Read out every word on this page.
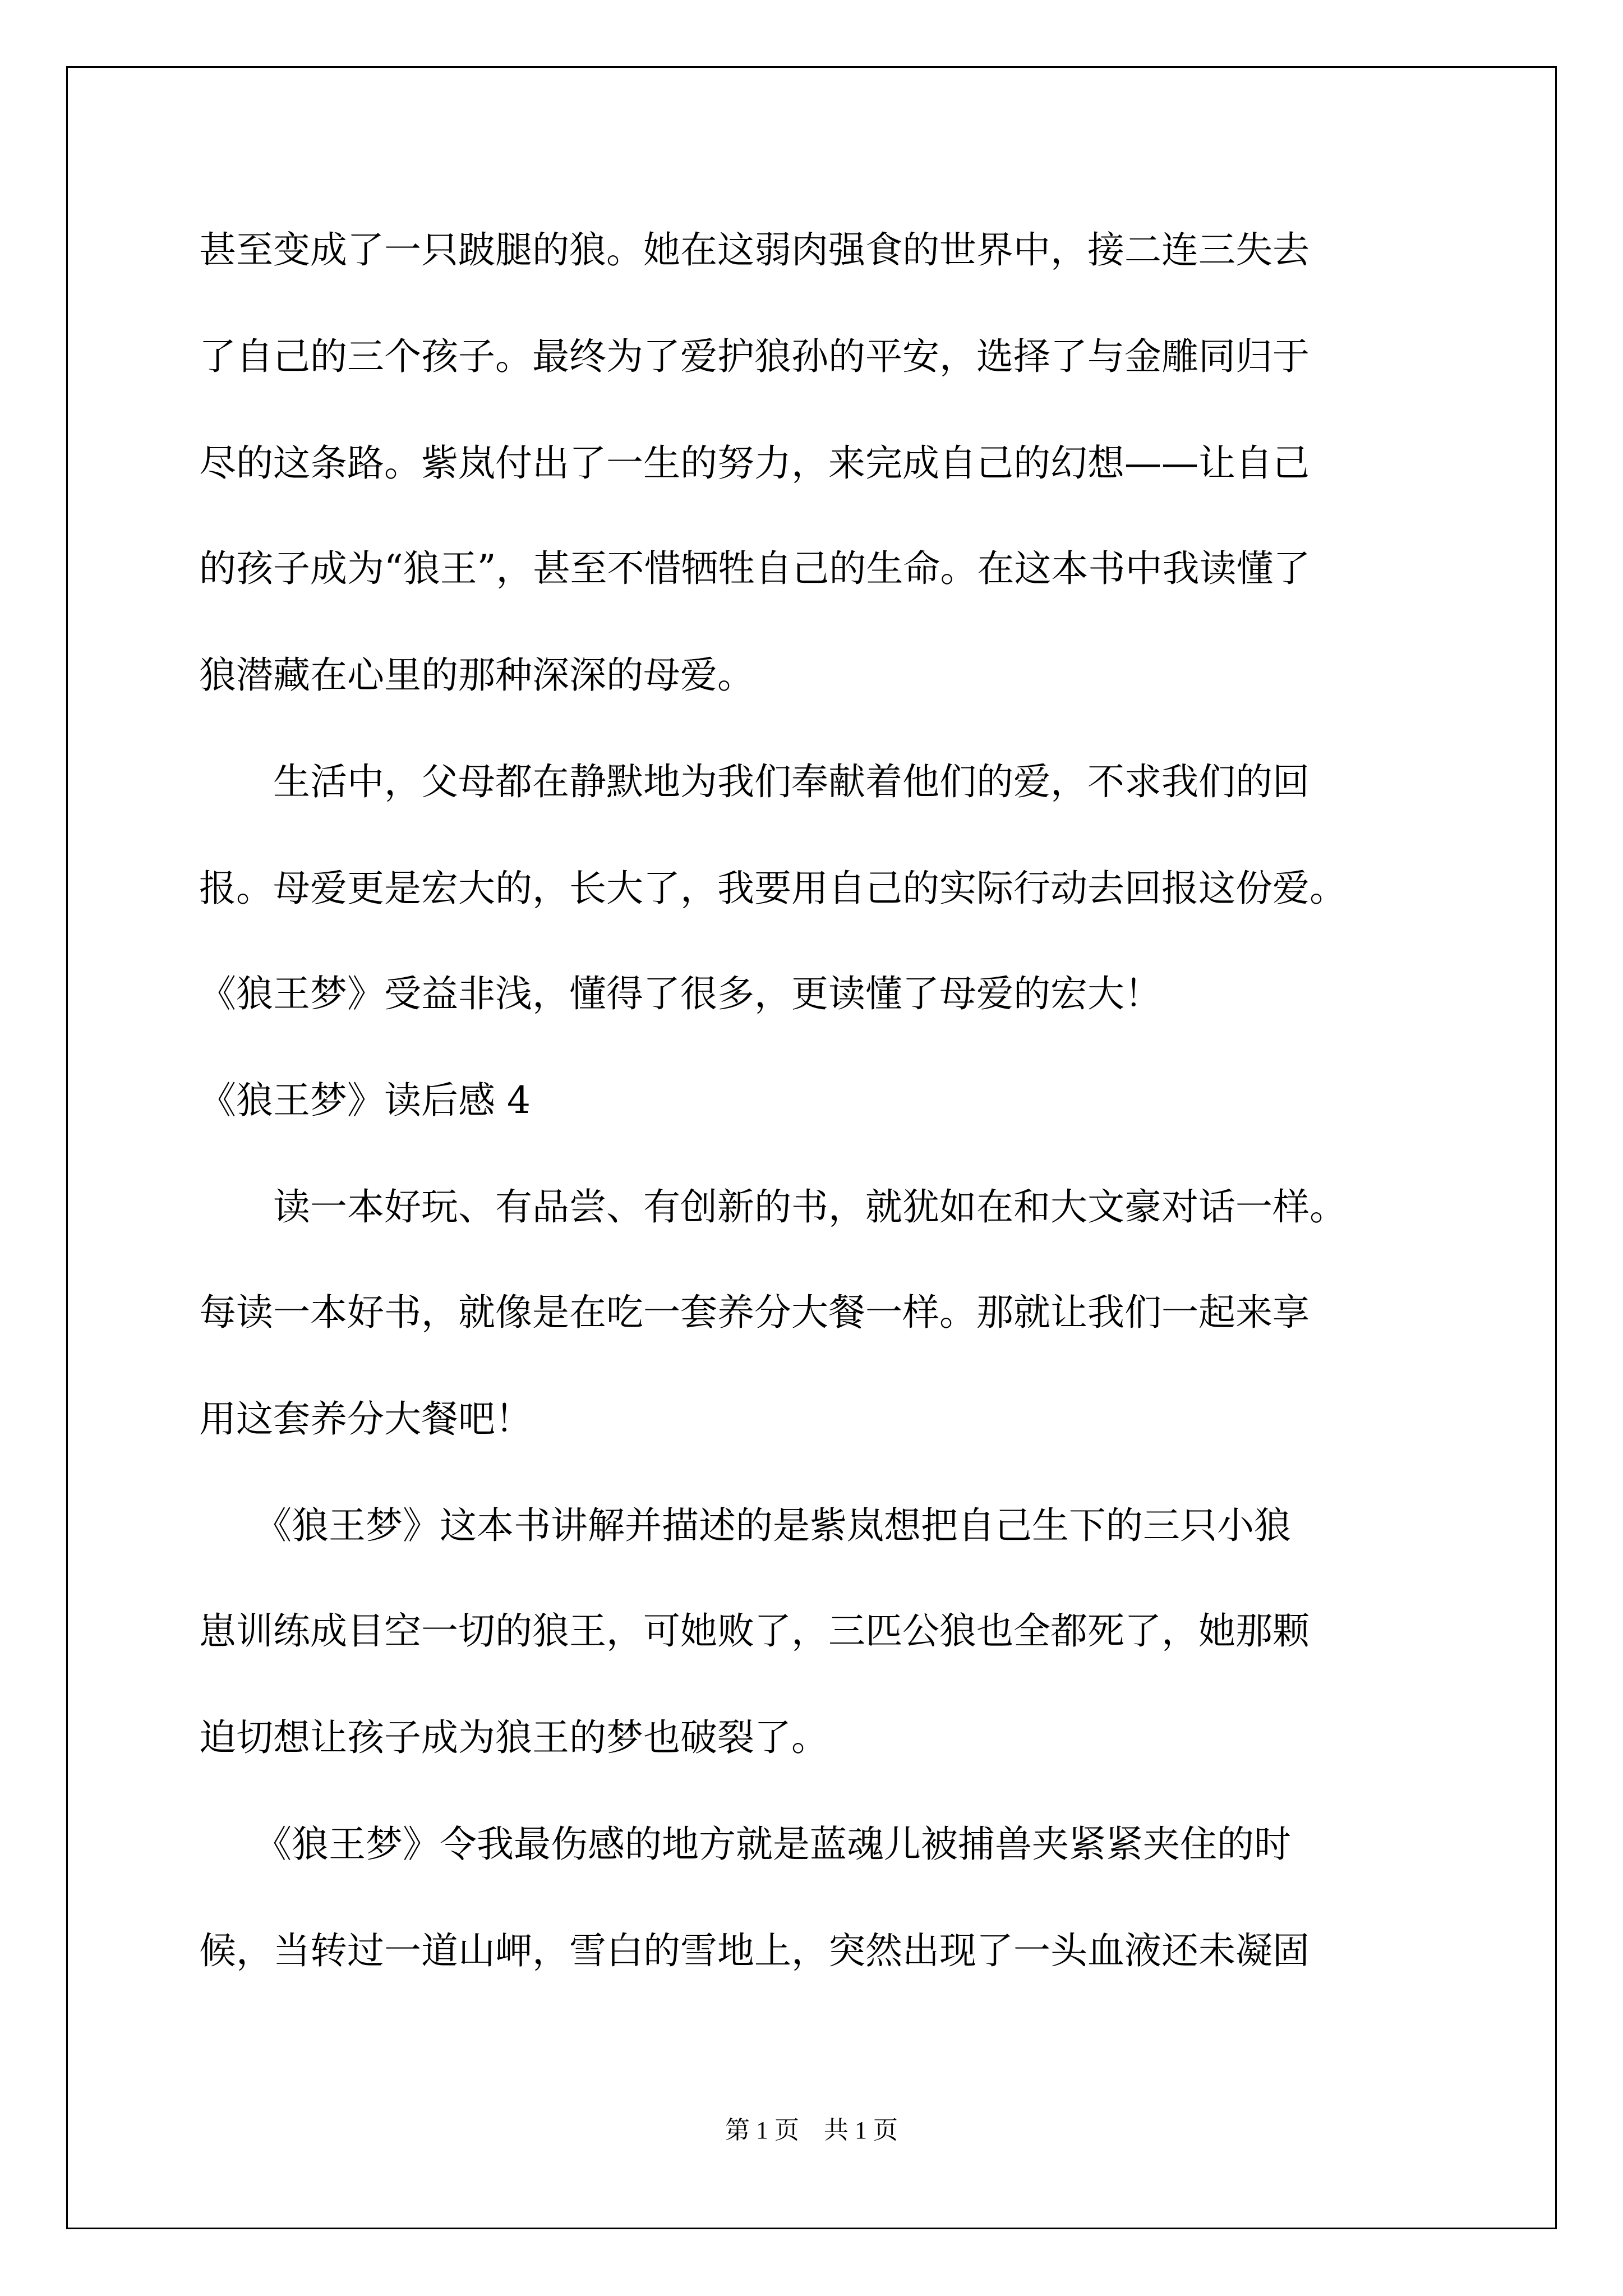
甚至变成了一只跛腿的狼。她在这弱肉强食的世界中，接二连三失去

了自己的三个孩子。最终为了爱护狼孙的平安，选择了与金雕同归于

尽的这条路。紫岚付出了一生的努力，来完成自己的幻想——让自己

的孩子成为“狼王”，甚至不惜牺牲自己的生命。在这本书中我读懂了

狼潜藏在心里的那种深深的母爱。

　　生活中，父母都在静默地为我们奉献着他们的爱，不求我们的回

报。母爱更是宏大的，长大了，我要用自己的实际行动去回报这份爱。

《狼王梦》受益非浅，懂得了很多，更读懂了母爱的宏大！

《狼王梦》读后感 4

　　读一本好玩、有品尝、有创新的书，就犹如在和大文豪对话一样。

每读一本好书，就像是在吃一套养分大餐一样。那就让我们一起来享

用这套养分大餐吧！

　　《狼王梦》这本书讲解并描述的是紫岚想把自己生下的三只小狼

崽训练成目空一切的狼王，可她败了，三匹公狼也全都死了，她那颗

迫切想让孩子成为狼王的梦也破裂了。

　　《狼王梦》令我最伤感的地方就是蓝魂儿被捕兽夹紧紧夹住的时

候，当转过一道山岬，雪白的雪地上，突然出现了一头血液还未凝固

第 1 页　共 1 页
